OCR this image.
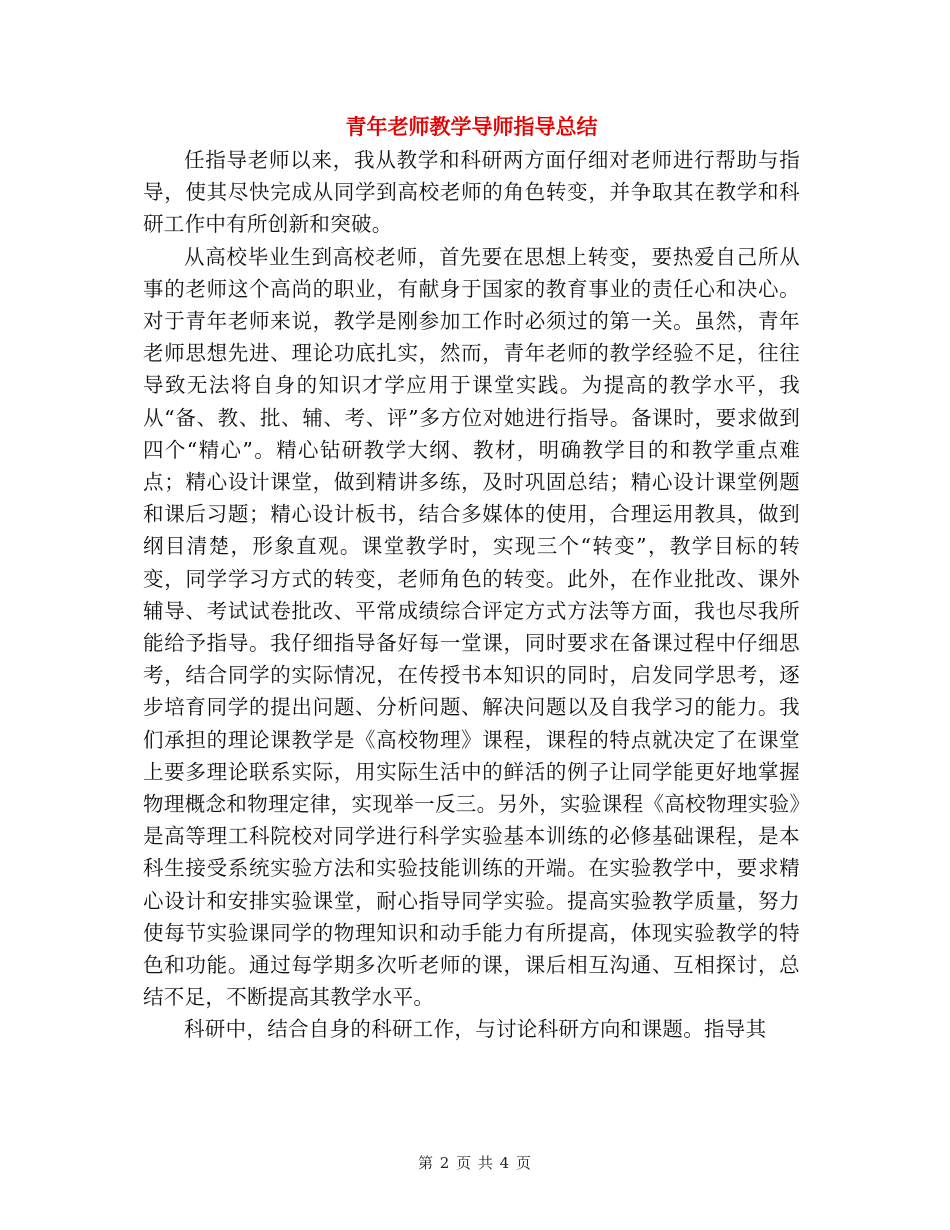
青年老师教学导师指导总结

任指导老师以来，我从教学和科研两方面仔细对老师进行帮助与指导，使其尽快完成从同学到高校老师的角色转变，并争取其在教学和科研工作中有所创新和突破。

从高校毕业生到高校老师，首先要在思想上转变，要热爱自己所从事的老师这个高尚的职业，有献身于国家的教育事业的责任心和决心。对于青年老师来说，教学是刚参加工作时必须过的第一关。虽然，青年老师思想先进、理论功底扎实，然而，青年老师的教学经验不足，往往导致无法将自身的知识才学应用于课堂实践。为提高的教学水平，我从“备、教、批、辅、考、评”多方位对她进行指导。备课时，要求做到四个“精心”。精心钻研教学大纲、教材，明确教学目的和教学重点难点；精心设计课堂，做到精讲多练，及时巩固总结；精心设计课堂例题和课后习题；精心设计板书，结合多媒体的使用，合理运用教具，做到纲目清楚，形象直观。课堂教学时，实现三个“转变”，教学目标的转变，同学学习方式的转变，老师角色的转变。此外，在作业批改、课外辅导、考试试卷批改、平常成绩综合评定方式方法等方面，我也尽我所能给予指导。我仔细指导备好每一堂课，同时要求在备课过程中仔细思考，结合同学的实际情况，在传授书本知识的同时，启发同学思考，逐步培育同学的提出问题、分析问题、解决问题以及自我学习的能力。我们承担的理论课教学是《高校物理》课程，课程的特点就决定了在课堂上要多理论联系实际，用实际生活中的鲜活的例子让同学能更好地掌握物理概念和物理定律，实现举一反三。另外，实验课程《高校物理实验》是高等理工科院校对同学进行科学实验基本训练的必修基础课程，是本科生接受系统实验方法和实验技能训练的开端。在实验教学中，要求精心设计和安排实验课堂，耐心指导同学实验。提高实验教学质量，努力使每节实验课同学的物理知识和动手能力有所提高，体现实验教学的特色和功能。通过每学期多次听老师的课，课后相互沟通、互相探讨，总结不足，不断提高其教学水平。

科研中，结合自身的科研工作，与讨论科研方向和课题。指导其

第 2 页 共 4 页
